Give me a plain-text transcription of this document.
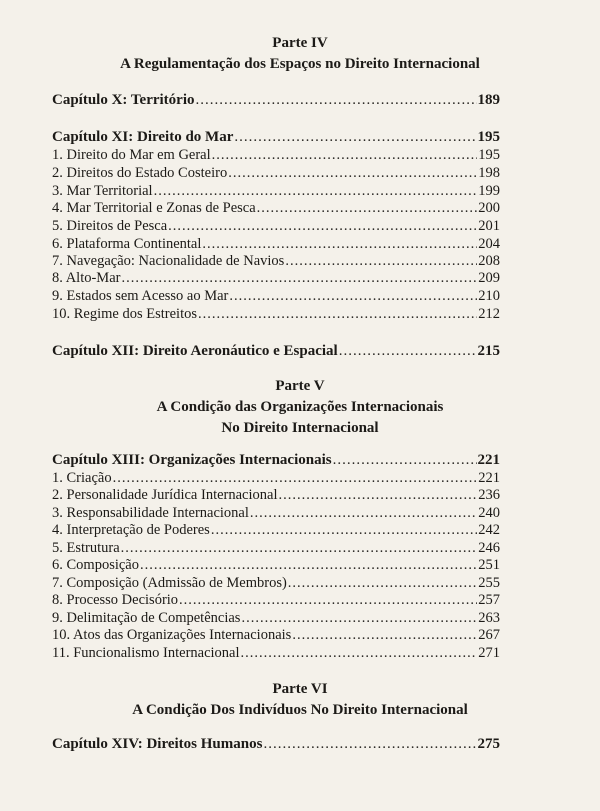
Parte IV
A Regulamentação dos Espaços no Direito Internacional
Capítulo X: Território .....	189
Capítulo XI: Direito do Mar .....	195
1. Direito do Mar em Geral .....	195
2. Direitos do Estado Costeiro .....	198
3. Mar Territorial .....	199
4. Mar Territorial e Zonas de Pesca .....	200
5. Direitos de Pesca .....	201
6. Plataforma Continental .....	204
7. Navegação: Nacionalidade de Navios .....	208
8. Alto-Mar .....	209
9. Estados sem Acesso ao Mar .....	210
10. Regime dos Estreitos .....	212
Capítulo XII: Direito Aeronáutico e Espacial .....	215
Parte V
A Condição das Organizações Internacionais
No Direito Internacional
Capítulo XIII: Organizações Internacionais .....	221
1. Criação .....	221
2. Personalidade Jurídica Internacional .....	236
3. Responsabilidade Internacional .....	240
4. Interpretação de Poderes .....	242
5. Estrutura .....	246
6. Composição .....	251
7. Composição (Admissão de Membros) .....	255
8. Processo Decisório .....	257
9. Delimitação de Competências .....	263
10. Atos das Organizações Internacionais .....	267
11. Funcionalismo Internacional .....	271
Parte VI
A Condição Dos Indivíduos No Direito Internacional
Capítulo XIV: Direitos Humanos .....	275
